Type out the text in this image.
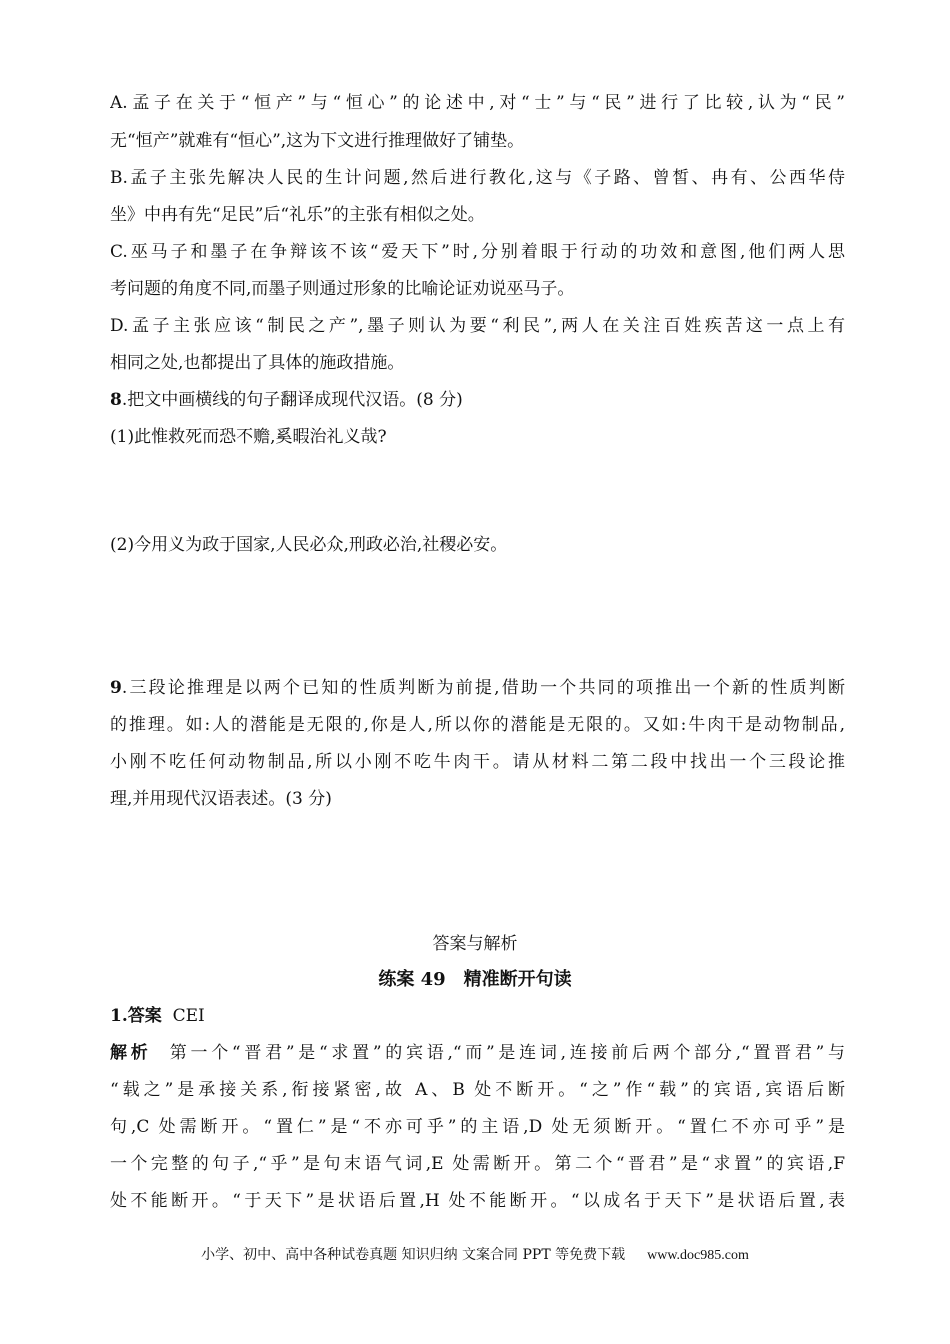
A.孟子在关于“恒产”与“恒心”的论述中,对“士”与“民”进行了比较,认为“民”
无“恒产”就难有“恒心”,这为下文进行推理做好了铺垫。
B.孟子主张先解决人民的生计问题,然后进行教化,这与《子路、曾皙、冉有、公西华侍
坐》中冉有先“足民”后“礼乐”的主张有相似之处。
C.巫马子和墨子在争辩该不该“爱天下”时,分别着眼于行动的功效和意图,他们两人思
考问题的角度不同,而墨子则通过形象的比喻论证劝说巫马子。
D.孟子主张应该“制民之产”,墨子则认为要“利民”,两人在关注百姓疾苦这一点上有
相同之处,也都提出了具体的施政措施。
8.把文中画横线的句子翻译成现代汉语。(8 分)
(1)此惟救死而恐不赡,奚暇治礼义哉?
(2)今用义为政于国家,人民必众,刑政必治,社稷必安。
9.三段论推理是以两个已知的性质判断为前提,借助一个共同的项推出一个新的性质判断
的推理。如:人的潜能是无限的,你是人,所以你的潜能是无限的。又如:牛肉干是动物制品,
小刚不吃任何动物制品,所以小刚不吃牛肉干。请从材料二第二段中找出一个三段论推
理,并用现代汉语表述。(3 分)
答案与解析
练案 49　精准断开句读
1.答案 CEI
解析 第一个“晋君”是“求置”的宾语,“而”是连词,连接前后两个部分,“置晋君”与
“载之”是承接关系,衔接紧密,故 A、B 处不断开。“之”作“载”的宾语,宾语后断
句,C 处需断开。“置仁”是“不亦可乎”的主语,D 处无须断开。“置仁不亦可乎”是
一个完整的句子,“乎”是句末语气词,E 处需断开。第二个“晋君”是“求置”的宾语,F
处不能断开。“于天下”是状语后置,H 处不能断开。“以成名于天下”是状语后置,表
小学、初中、高中各种试卷真题 知识归纳 文案合同 PPT 等免费下载 www.doc985.com
